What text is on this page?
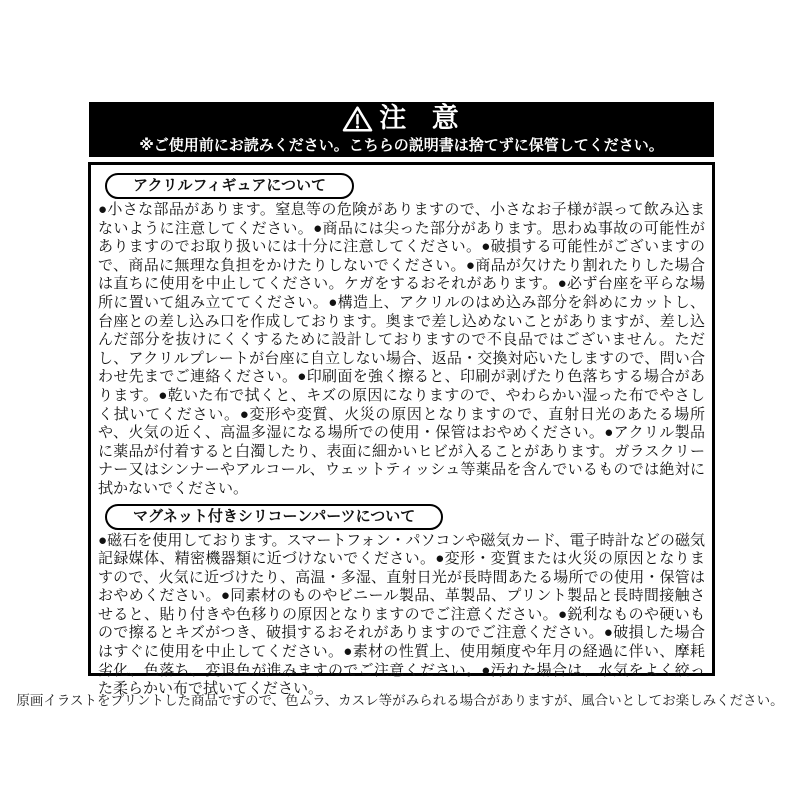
注 意
※ご使用前にお読みください。こちらの説明書は捨てずに保管してください。
アクリルフィギュアについて
●小さな部品があります。窒息等の危険がありますので、小さなお子様が誤って飲み込まないように注意してください。●商品には尖った部分があります。思わぬ事故の可能性がありますのでお取り扱いには十分に注意してください。●破損する可能性がございますので、商品に無理な負担をかけたりしないでください。●商品が欠けたり割れたりした場合は直ちに使用を中止してください。ケガをするおそれがあります。●必ず台座を平らな場所に置いて組み立ててください。●構造上、アクリルのはめ込み部分を斜めにカットし、台座との差し込み口を作成しております。奥まで差し込めないことがありますが、差し込んだ部分を抜けにくくするために設計しておりますので不良品ではございません。ただし、アクリルプレートが台座に自立しない場合、返品・交換対応いたしますので、問い合わせ先までご連絡ください。●印刷面を強く擦ると、印刷が剥げたり色落ちする場合があります。●乾いた布で拭くと、キズの原因になりますので、やわらかい湿った布でやさしく拭いてください。●変形や変質、火災の原因となりますので、直射日光のあたる場所や、火気の近く、高温多湿になる場所での使用・保管はおやめください。●アクリル製品に薬品が付着すると白濁したり、表面に細かいヒビが入ることがあります。ガラスクリーナー又はシンナーやアルコール、ウェットティッシュ等薬品を含んでいるものでは絶対に拭かないでください。
マグネット付きシリコーンパーツについて
●磁石を使用しております。スマートフォン・パソコンや磁気カード、電子時計などの磁気記録媒体、精密機器類に近づけないでください。●変形・変質または火災の原因となりますので、火気に近づけたり、高温・多湿、直射日光が長時間あたる場所での使用・保管はおやめください。●同素材のものやビニール製品、革製品、プリント製品と長時間接触させると、貼り付きや色移りの原因となりますのでご注意ください。●鋭利なものや硬いもので擦るとキズがつき、破損するおそれがありますのでご注意ください。●破損した場合はすぐに使用を中止してください。●素材の性質上、使用頻度や年月の経過に伴い、摩耗劣化、色落ち、変退色が進みますのでご注意ください。●汚れた場合は、水気をよく絞った柔らかい布で拭いてください。
原画イラストをプリントした商品ですので、色ムラ、カスレ等がみられる場合がありますが、風合いとしてお楽しみください。
